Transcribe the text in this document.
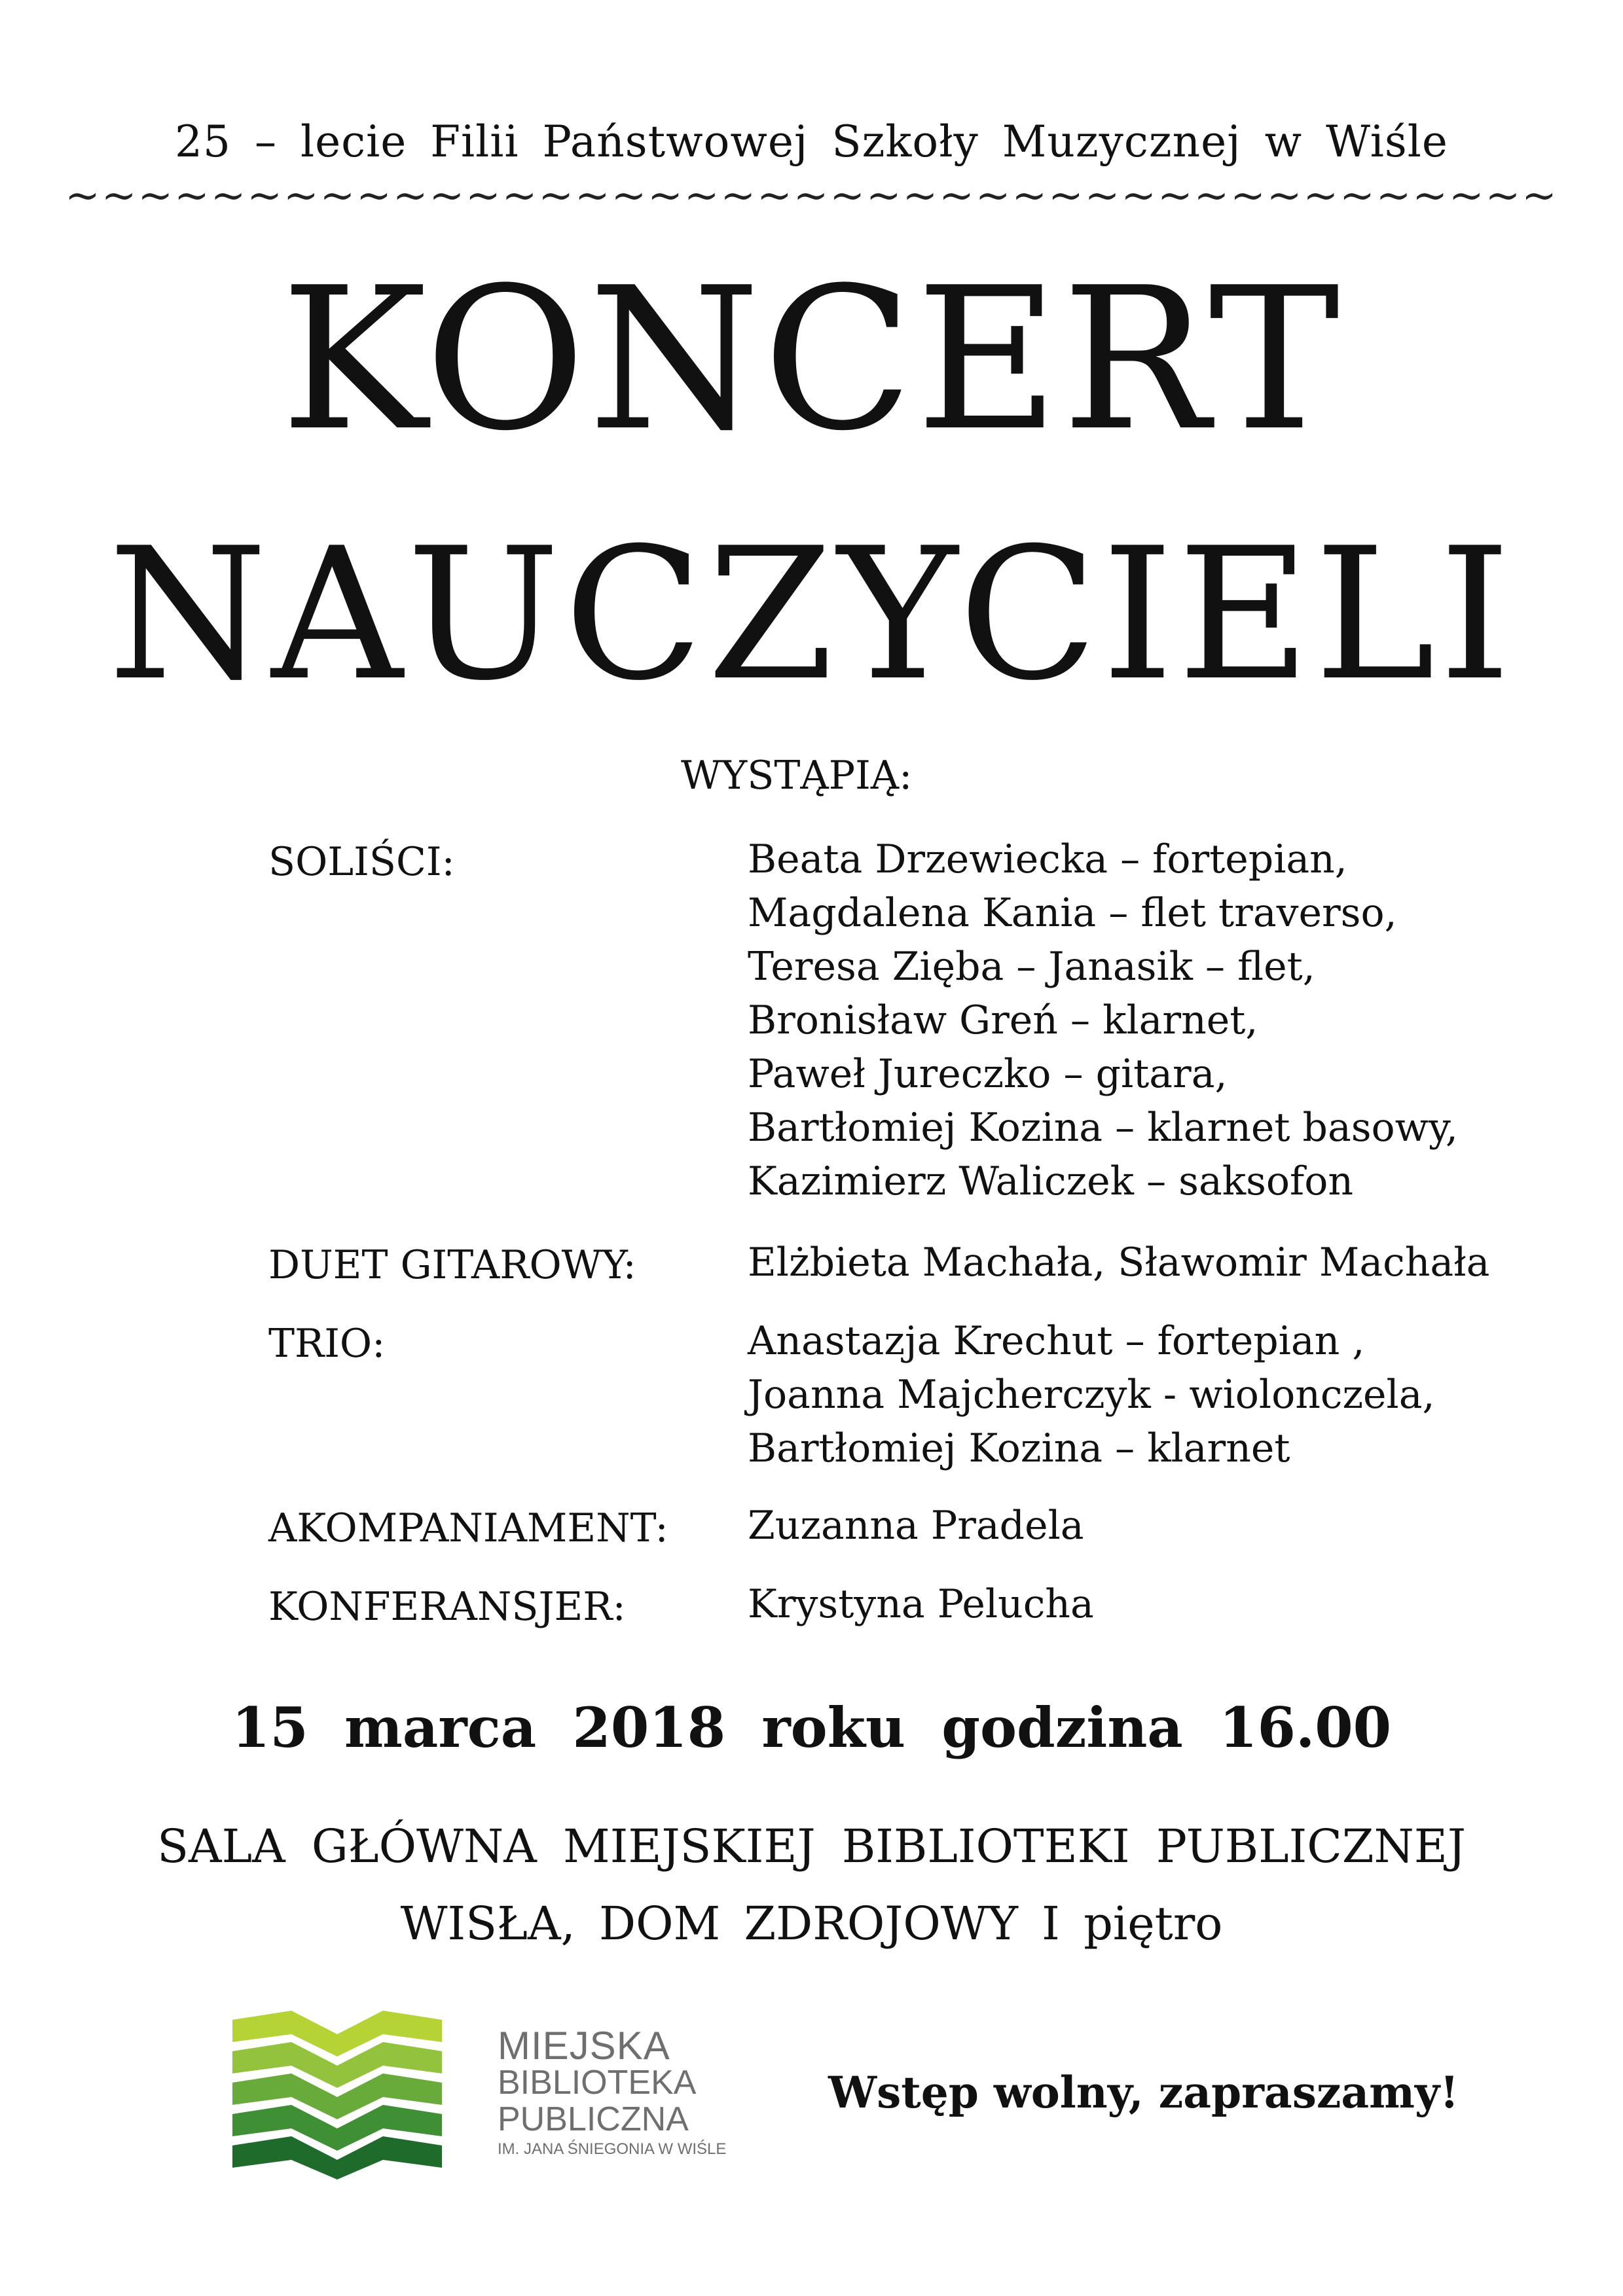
25 – lecie Filii Państwowej Szkoły Muzycznej w Wiśle
~~~~~~~~~~~~~~~~~~~~~~~~~~~~~~~~~~~~~~~~~
KONCERT
NAUCZYCIELI
WYSTĄPIĄ:
SOLIŚCI:	Beata Drzewiecka – fortepian,
Magdalena Kania – flet traverso,
Teresa Zięba – Janasik – flet,
Bronisław Greń – klarnet,
Paweł Jureczko – gitara,
Bartłomiej Kozina – klarnet basowy,
Kazimierz Waliczek – saksofon
DUET GITAROWY:	Elżbieta Machała, Sławomir Machała
TRIO:	Anastazja Krechut – fortepian ,
Joanna Majcherczyk - wiolonczela,
Bartłomiej Kozina – klarnet
AKOMPANIAMENT: Zuzanna Pradela
KONFERANSJER:	Krystyna Pelucha
15 marca 2018 roku godzina 16.00
SALA GŁÓWNA MIEJSKIEJ BIBLIOTEKI PUBLICZNEJ
WISŁA, DOM ZDROJOWY I piętro
MIEJSKA
BIBLIOTEKA
PUBLICZNA
IM. JANA ŚNIEGONIA W WIŚLE
Wstęp wolny, zapraszamy!
